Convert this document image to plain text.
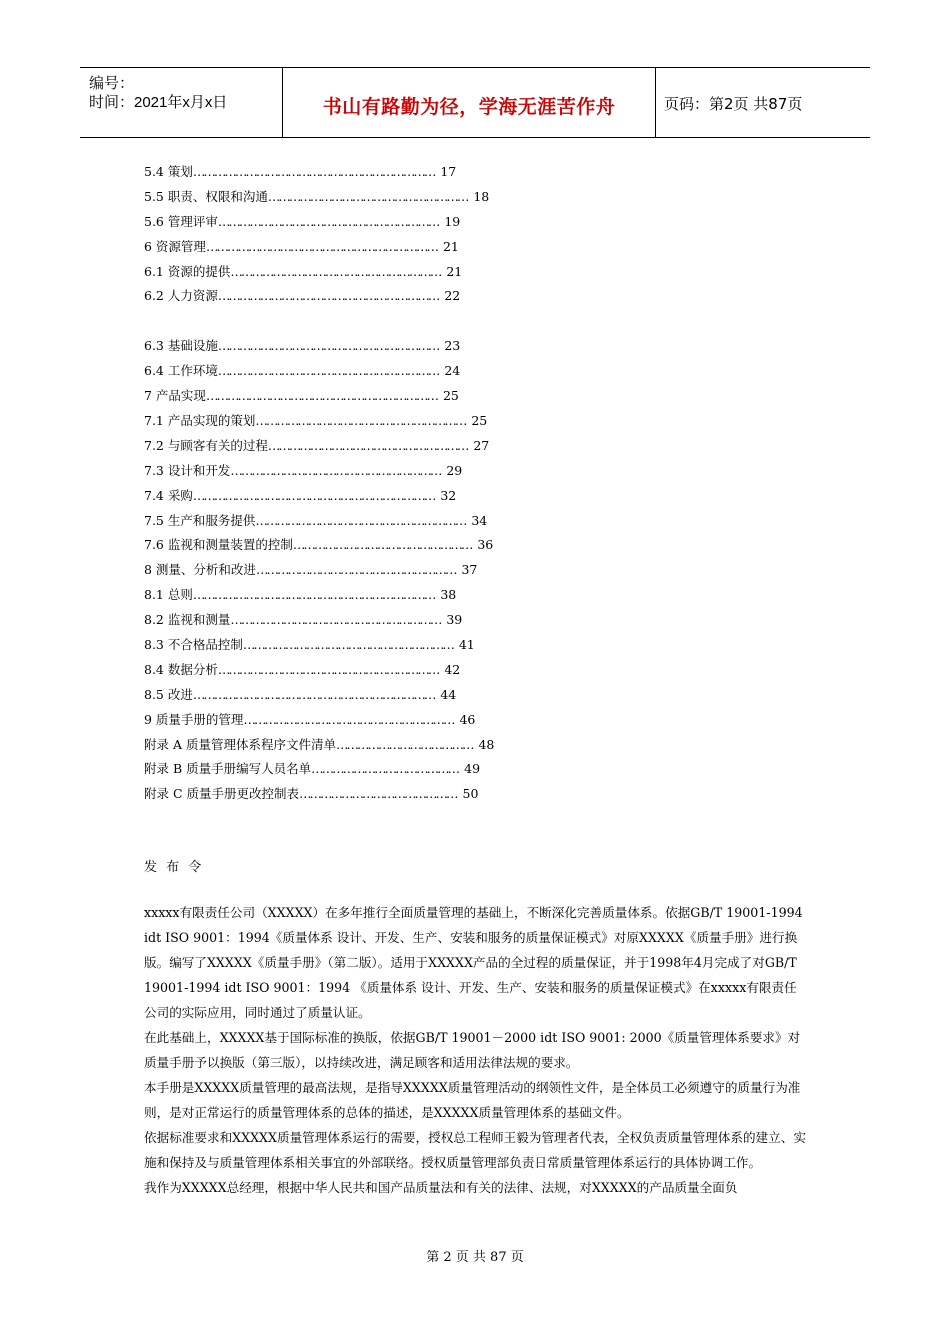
编号：
时间：2021年x月x日	书山有路勤为径，学海无涯苦作舟	页码：第2页 共87页
5.4 策划…………………………………………………………… 17
5.5 职责、权限和沟通………………………………………………… 18
5.6 管理评审……………………………………………………… 19
6 资源管理………………………………………………………… 21
6.1 资源的提供…………………………………………………… 21
6.2 人力资源……………………………………………………… 22
6.3 基础设施……………………………………………………… 23
6.4 工作环境……………………………………………………… 24
7 产品实现………………………………………………………… 25
7.1 产品实现的策划…………………………………………………… 25
7.2 与顾客有关的过程………………………………………………… 27
7.3 设计和开发…………………………………………………… 29
7.4 采购…………………………………………………………… 32
7.5 生产和服务提供…………………………………………………… 34
7.6 监视和测量装置的控制…………………………………………… 36
8 测量、分析和改进………………………………………………… 37
8.1 总则…………………………………………………………… 38
8.2 监视和测量…………………………………………………… 39
8.3 不合格品控制…………………………………………………… 41
8.4 数据分析……………………………………………………… 42
8.5 改进…………………………………………………………… 44
9 质量手册的管理…………………………………………………… 46
附录 A 质量管理体系程序文件清单………………………………… 48
附录 B 质量手册编写人员名单…………………………………… 49
附录 C 质量手册更改控制表……………………………………… 50
发 布 令

xxxxx有限责任公司（XXXXX）在多年推行全面质量管理的基础上，不断深化完善质量体系。依据GB/T 19001-1994 idt ISO 9001：1994《质量体系 设计、开发、生产、安装和服务的质量保证模式》对原XXXXX《质量手册》进行换版。编写了XXXXX《质量手册》（第二版）。适用于XXXXX产品的全过程的质量保证，并于1998年4月完成了对GB/T 19001-1994 idt ISO 9001：1994 《质量体系 设计、开发、生产、安装和服务的质量保证模式》在xxxxx有限责任公司的实际应用，同时通过了质量认证。

在此基础上，XXXXX基于国际标准的换版，依据GB/T 19001－2000 idt ISO 9001: 2000《质量管理体系要求》对质量手册予以换版（第三版），以持续改进，满足顾客和适用法律法规的要求。

本手册是XXXXX质量管理的最高法规，是指导XXXXX质量管理活动的纲领性文件，是全体员工必须遵守的质量行为准则，是对正常运行的质量管理体系的总体的描述，是XXXXX质量管理体系的基础文件。

依据标准要求和XXXXX质量管理体系运行的需要，授权总工程师王毅为管理者代表，全权负责质量管理体系的建立、实施和保持及与质量管理体系相关事宜的外部联络。授权质量管理部负责日常质量管理体系运行的具体协调工作。

我作为XXXXX总经理，根据中华人民共和国产品质量法和有关的法律、法规，对XXXXX的产品质量全面负

第 2 页 共 87 页
